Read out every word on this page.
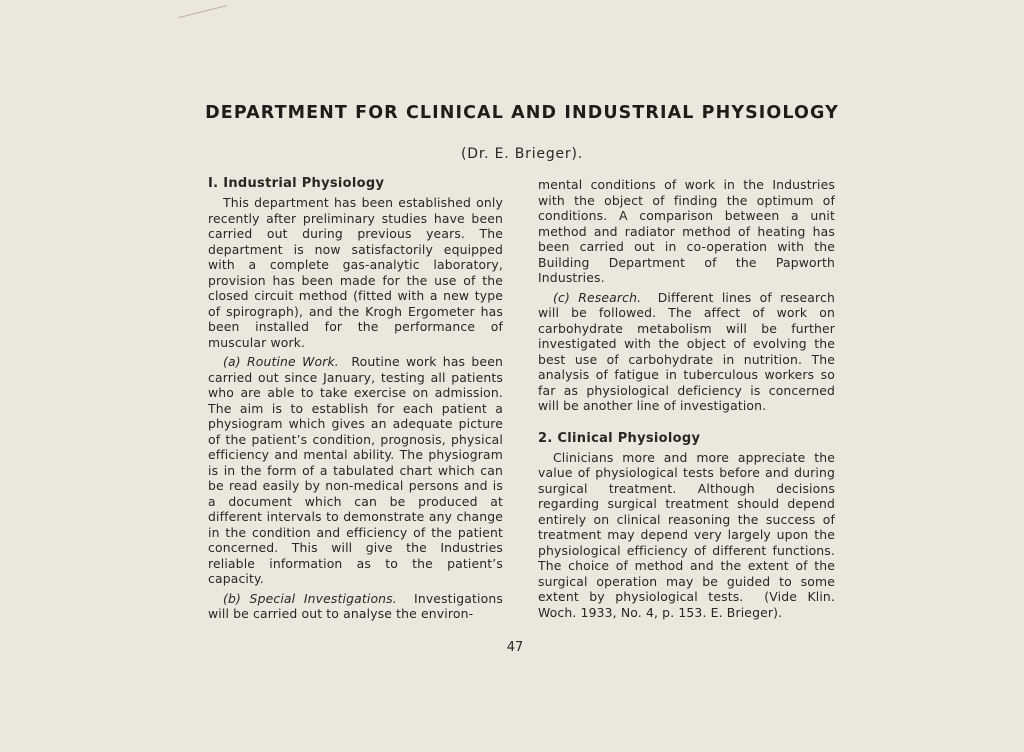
DEPARTMENT FOR CLINICAL AND INDUSTRIAL PHYSIOLOGY
(Dr. E. Brieger).
I. Industrial Physiology

This department has been established only recently after preliminary studies have been carried out during previous years. The department is now satisfactorily equipped with a complete gas-analytic laboratory, provision has been made for the use of the closed circuit method (fitted with a new type of spirograph), and the Krogh Ergometer has been installed for the performance of muscular work.

(a) Routine Work. Routine work has been carried out since January, testing all patients who are able to take exercise on admission. The aim is to establish for each patient a physiogram which gives an adequate picture of the patient’s condition, prognosis, physical efficiency and mental ability. The physiogram is in the form of a tabulated chart which can be read easily by non-medical persons and is a document which can be produced at different intervals to demonstrate any change in the condition and efficiency of the patient concerned. This will give the Industries reliable information as to the patient’s capacity.

(b) Special Investigations. Investigations will be carried out to analyse the environ-

mental conditions of work in the Industries with the object of finding the optimum of conditions. A comparison between a unit method and radiator method of heating has been carried out in co-operation with the Building Department of the Papworth Industries.

(c) Research. Different lines of research will be followed. The affect of work on carbohydrate metabolism will be further investigated with the object of evolving the best use of carbohydrate in nutrition. The analysis of fatigue in tuberculous workers so far as physiological deficiency is concerned will be another line of investigation.

2. Clinical Physiology

Clinicians more and more appreciate the value of physiological tests before and during surgical treatment. Although decisions regarding surgical treatment should depend entirely on clinical reasoning the success of treatment may depend very largely upon the physiological efficiency of different functions. The choice of method and the extent of the surgical operation may be guided to some extent by physiological tests. (Vide Klin. Woch. 1933, No. 4, p. 153. E. Brieger).

47
